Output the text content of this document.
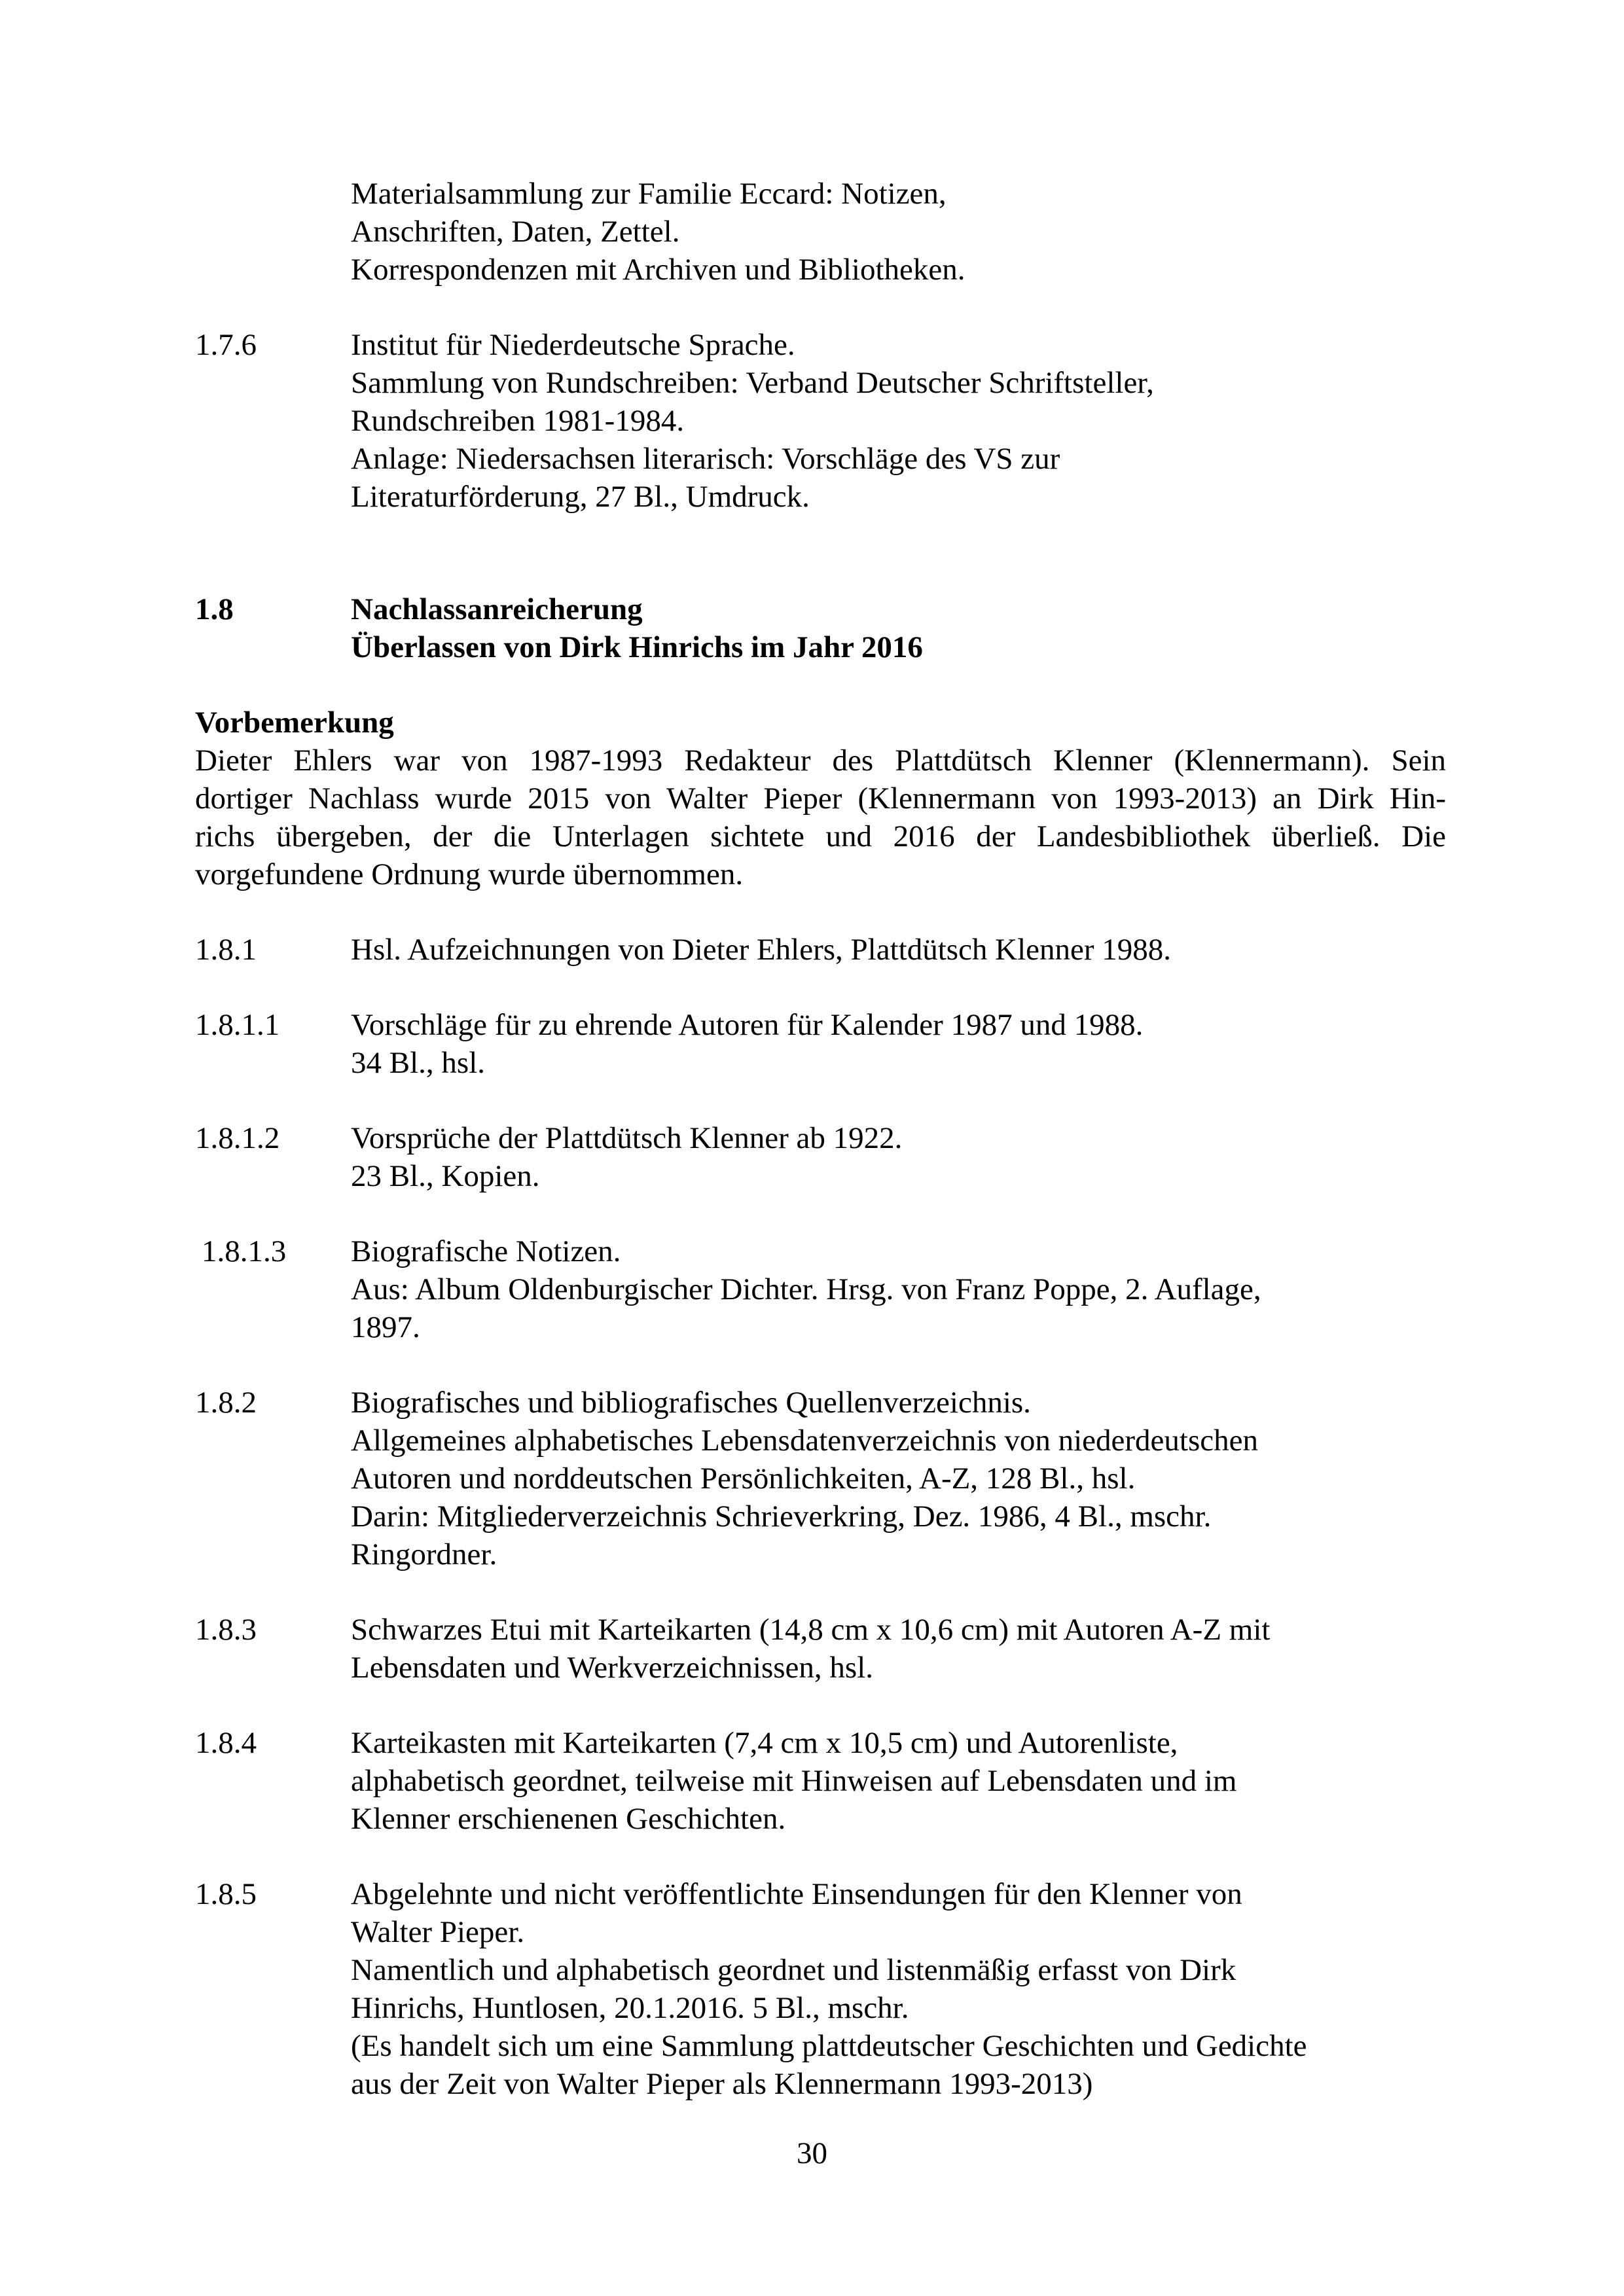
Materialsammlung zur Familie Eccard: Notizen,
Anschriften, Daten, Zettel.
Korrespondenzen mit Archiven und Bibliotheken.
1.7.6	Institut für Niederdeutsche Sprache.
Sammlung von Rundschreiben: Verband Deutscher Schriftsteller,
Rundschreiben 1981-1984.
Anlage: Niedersachsen literarisch: Vorschläge des VS zur
Literaturförderung, 27 Bl., Umdruck.
1.8	Nachlassanreicherung
Überlassen von Dirk Hinrichs im Jahr 2016
Vorbemerkung
Dieter Ehlers war von 1987-1993 Redakteur des Plattdütsch Klenner (Klennermann). Sein
dortiger Nachlass wurde 2015 von Walter Pieper (Klennermann von 1993-2013) an Dirk Hin-
richs übergeben, der die Unterlagen sichtete und 2016 der Landesbibliothek überließ. Die
vorgefundene Ordnung wurde übernommen.
1.8.1	Hsl. Aufzeichnungen von Dieter Ehlers, Plattdütsch Klenner 1988.
1.8.1.1 Vorschläge für zu ehrende Autoren für Kalender 1987 und 1988.
34 Bl., hsl.
1.8.1.2 Vorsprüche der Plattdütsch Klenner ab 1922.
23 Bl., Kopien.
1.8.1.3 Biografische Notizen.
Aus: Album Oldenburgischer Dichter. Hrsg. von Franz Poppe, 2. Auflage,
1897.
1.8.2	Biografisches und bibliografisches Quellenverzeichnis.
Allgemeines alphabetisches Lebensdatenverzeichnis von niederdeutschen
Autoren und norddeutschen Persönlichkeiten, A-Z, 128 Bl., hsl.
Darin: Mitgliederverzeichnis Schrieverkring, Dez. 1986, 4 Bl., mschr.
Ringordner.
1.8.3	Schwarzes Etui mit Karteikarten (14,8 cm x 10,6 cm) mit Autoren A-Z mit
Lebensdaten und Werkverzeichnissen, hsl.
1.8.4	Karteikasten mit Karteikarten (7,4 cm x 10,5 cm) und Autorenliste,
alphabetisch geordnet, teilweise mit Hinweisen auf Lebensdaten und im
Klenner erschienenen Geschichten.
1.8.5	Abgelehnte und nicht veröffentlichte Einsendungen für den Klenner von
Walter Pieper.
Namentlich und alphabetisch geordnet und listenmäßig erfasst von Dirk
Hinrichs, Huntlosen, 20.1.2016. 5 Bl., mschr.
(Es handelt sich um eine Sammlung plattdeutscher Geschichten und Gedichte
aus der Zeit von Walter Pieper als Klennermann 1993-2013)
30
